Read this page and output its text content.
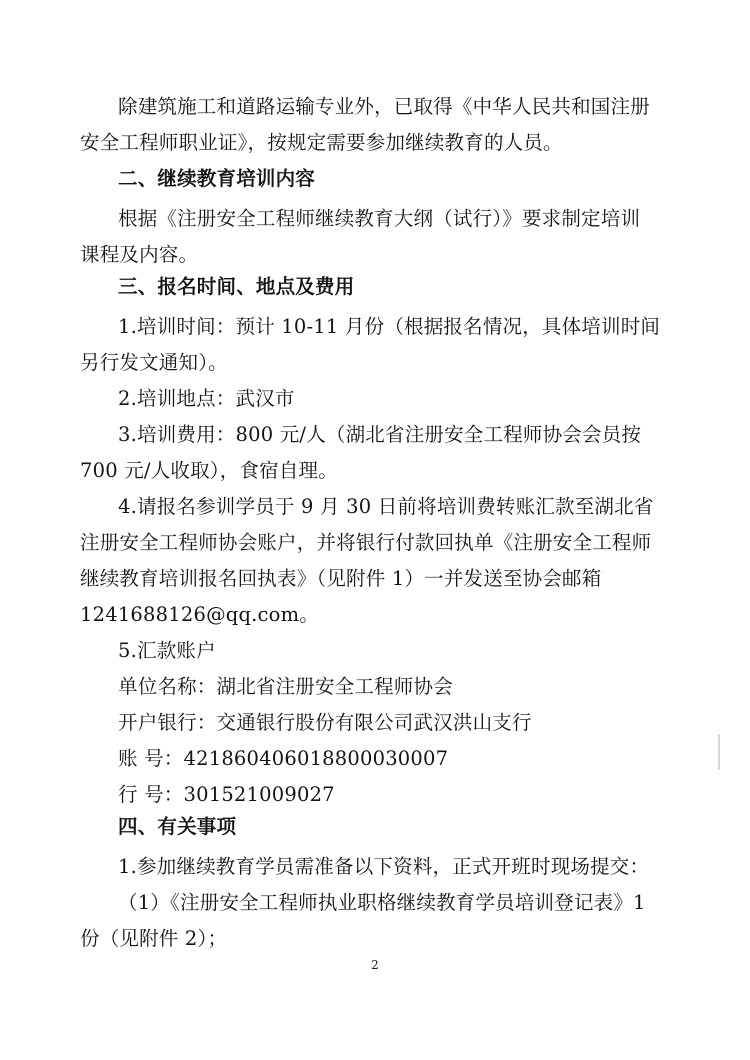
除建筑施工和道路运输专业外，已取得《中华人民共和国注册
安全工程师职业证》，按规定需要参加继续教育的人员。
二、继续教育培训内容
根据《注册安全工程师继续教育大纲（试行）》要求制定培训
课程及内容。
三、报名时间、地点及费用
1.培训时间：预计 10-11 月份（根据报名情况，具体培训时间
另行发文通知）。
2.培训地点：武汉市
3.培训费用：800 元/人（湖北省注册安全工程师协会会员按
700 元/人收取），食宿自理。
4.请报名参训学员于 9 月 30 日前将培训费转账汇款至湖北省
注册安全工程师协会账户，并将银行付款回执单《注册安全工程师
继续教育培训报名回执表》（见附件 1）一并发送至协会邮箱
1241688126@qq.com。
5.汇款账户
单位名称：湖北省注册安全工程师协会
开户银行：交通银行股份有限公司武汉洪山支行
账 号：421860406018800030007
行 号：301521009027
四、有关事项
1.参加继续教育学员需准备以下资料，正式开班时现场提交：
（1）《注册安全工程师执业职格继续教育学员培训登记表》1
份（见附件 2）；
2
